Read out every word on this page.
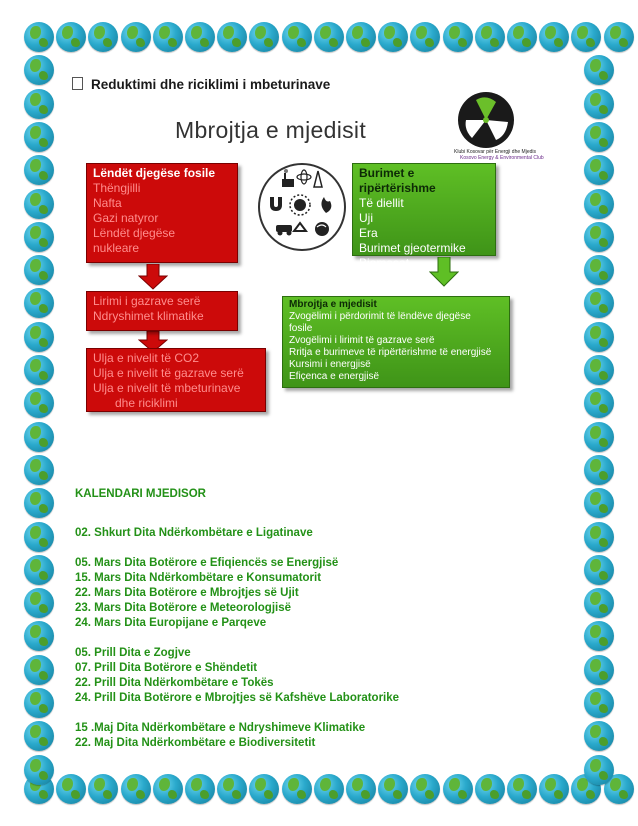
Reduktimi dhe riciklimi i mbeturinave
Mbrojtja e mjedisit
Klubi Kosovar për Energji dhe Mjedis
Kosovo Energy & Environmental Club
Lëndët djegëse fosile
Thëngjilli
Nafta
Gazi natyror
Lëndët djegëse
nukleare
Burimet e ripërtërishme
Të diellit
Uji
Era
Burimet gjeotermike
Biomasat
Lirimi i gazrave serë
Ndryshimet klimatike
Mbrojtja e mjedisit
Zvogëlimi i përdorimit të lëndëve djegëse
fosile
Zvogëlimi i lirimit të gazrave serë
Rritja e burimeve të ripërtërishme të energjisë
Kursimi i energjisë
Efiçenca e energjisë
Ulja e nivelit të CO2
Ulja e nivelit të gazrave serë
Ulja e nivelit të mbeturinave
dhe riciklimi
KALENDARI MJEDISOR
02. Shkurt Dita Ndërkombëtare e Ligatinave
05. Mars Dita Botërore e Efiqiencës se Energjisë
15. Mars Dita Ndërkombëtare e Konsumatorit
22. Mars Dita Botërore e Mbrojtjes së Ujit
23. Mars Dita Botërore e Meteorologjisë
24. Mars Dita Europijane e Parqeve
05. Prill Dita e Zogjve
07. Prill Dita Botërore e Shëndetit
22. Prill Dita Ndërkombëtare e Tokës
24. Prill Dita Botërore e Mbrojtjes së Kafshëve Laboratorike
15 .Maj Dita Ndërkombëtare e Ndryshimeve Klimatike
22. Maj Dita Ndërkombëtare e Biodiversitetit
